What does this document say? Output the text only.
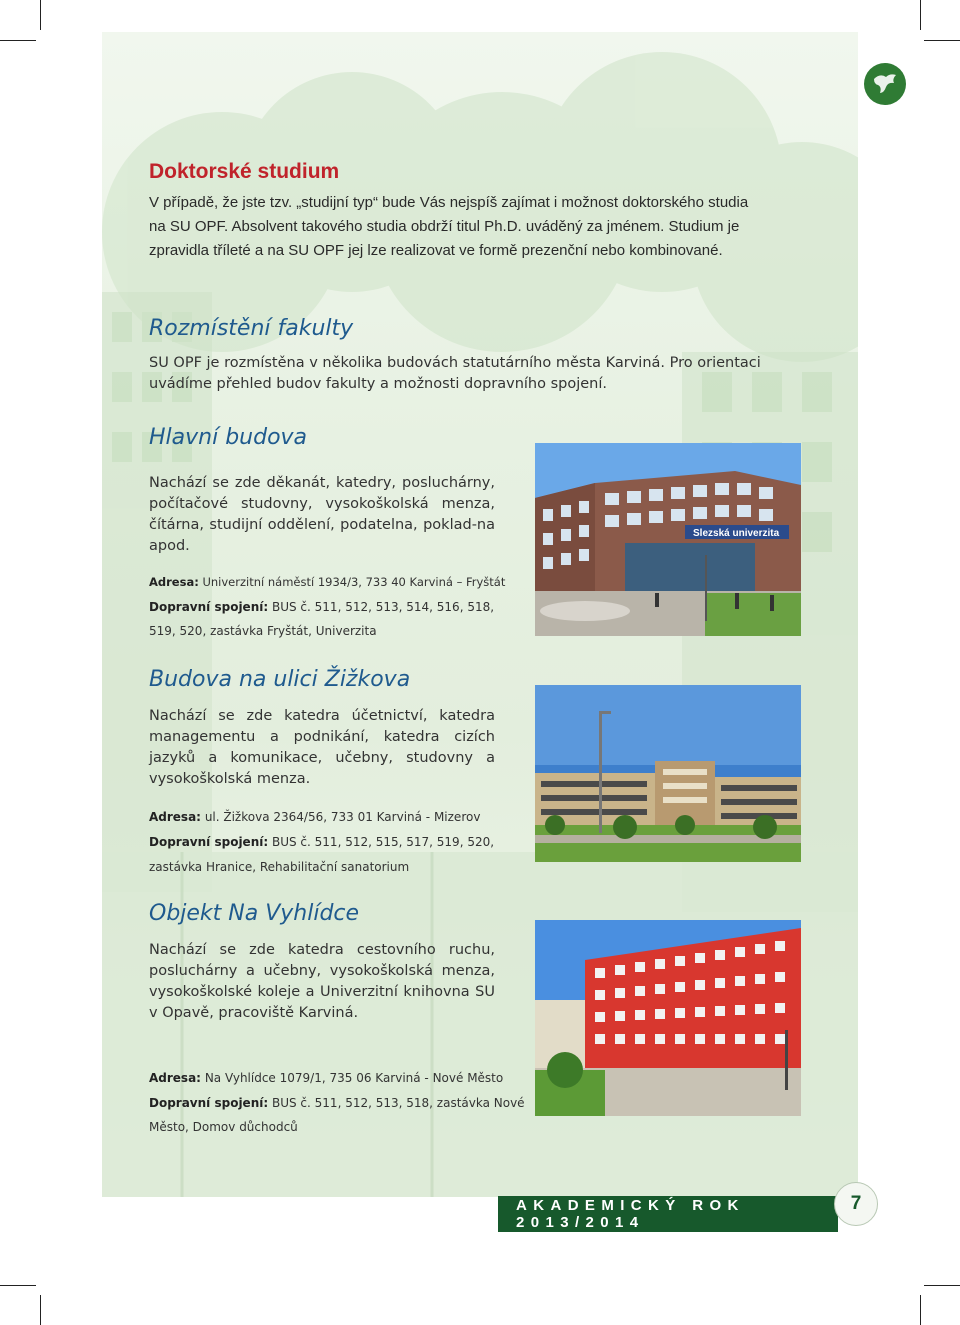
Doktorské studium
V případě, že jste tzv. „studijní typ“ bude Vás nejspíš zajímat i možnost doktorského studia
na SU OPF. Absolvent takového studia obdrží titul Ph.D. uváděný za jménem. Studium je
zpravidla tříleté a na SU OPF jej lze realizovat ve formě prezenční nebo kombinované.
Rozmístění fakulty
SU OPF je rozmístěna v několika budovách statutárního města Karviná. Pro orientaci
uvádíme přehled budov fakulty a možnosti dopravního spojení.
Hlavní budova

Nachází se zde děkanát, katedry, posluchárny, počítačové studovny, vysokoškolská menza, čítárna, studijní oddělení, podatelna, poklad-na apod.

Adresa: Univerzitní náměstí 1934/3, 733 40 Karviná – Fryštát
Dopravní spojení: BUS č. 511, 512, 513, 514, 516, 518,
519, 520, zastávka Fryštát, Univerzita
Slezská univerzita
Budova na ulici Žižkova

Nachází se zde katedra účetnictví, katedra managementu a podnikání, katedra cizích jazyků a komunikace, učebny, studovny a vysokoškolská menza.

Adresa: ul. Žižkova 2364/56, 733 01 Karviná - Mizerov
Dopravní spojení: BUS č. 511, 512, 515, 517, 519, 520,
zastávka Hranice, Rehabilitační sanatorium
Objekt Na Vyhlídce

Nachází se zde katedra cestovního ruchu, posluchárny a učebny, vysokoškolská menza, vysokoškolské koleje a Univerzitní knihovna SU v Opavě, pracoviště Karviná.

Adresa: Na Vyhlídce 1079/1, 735 06 Karviná - Nové Město
Dopravní spojení: BUS č. 511, 512, 513, 518, zastávka Nové
Město, Domov důchodců
AKADEMICKÝ ROK 2013/2014
7
